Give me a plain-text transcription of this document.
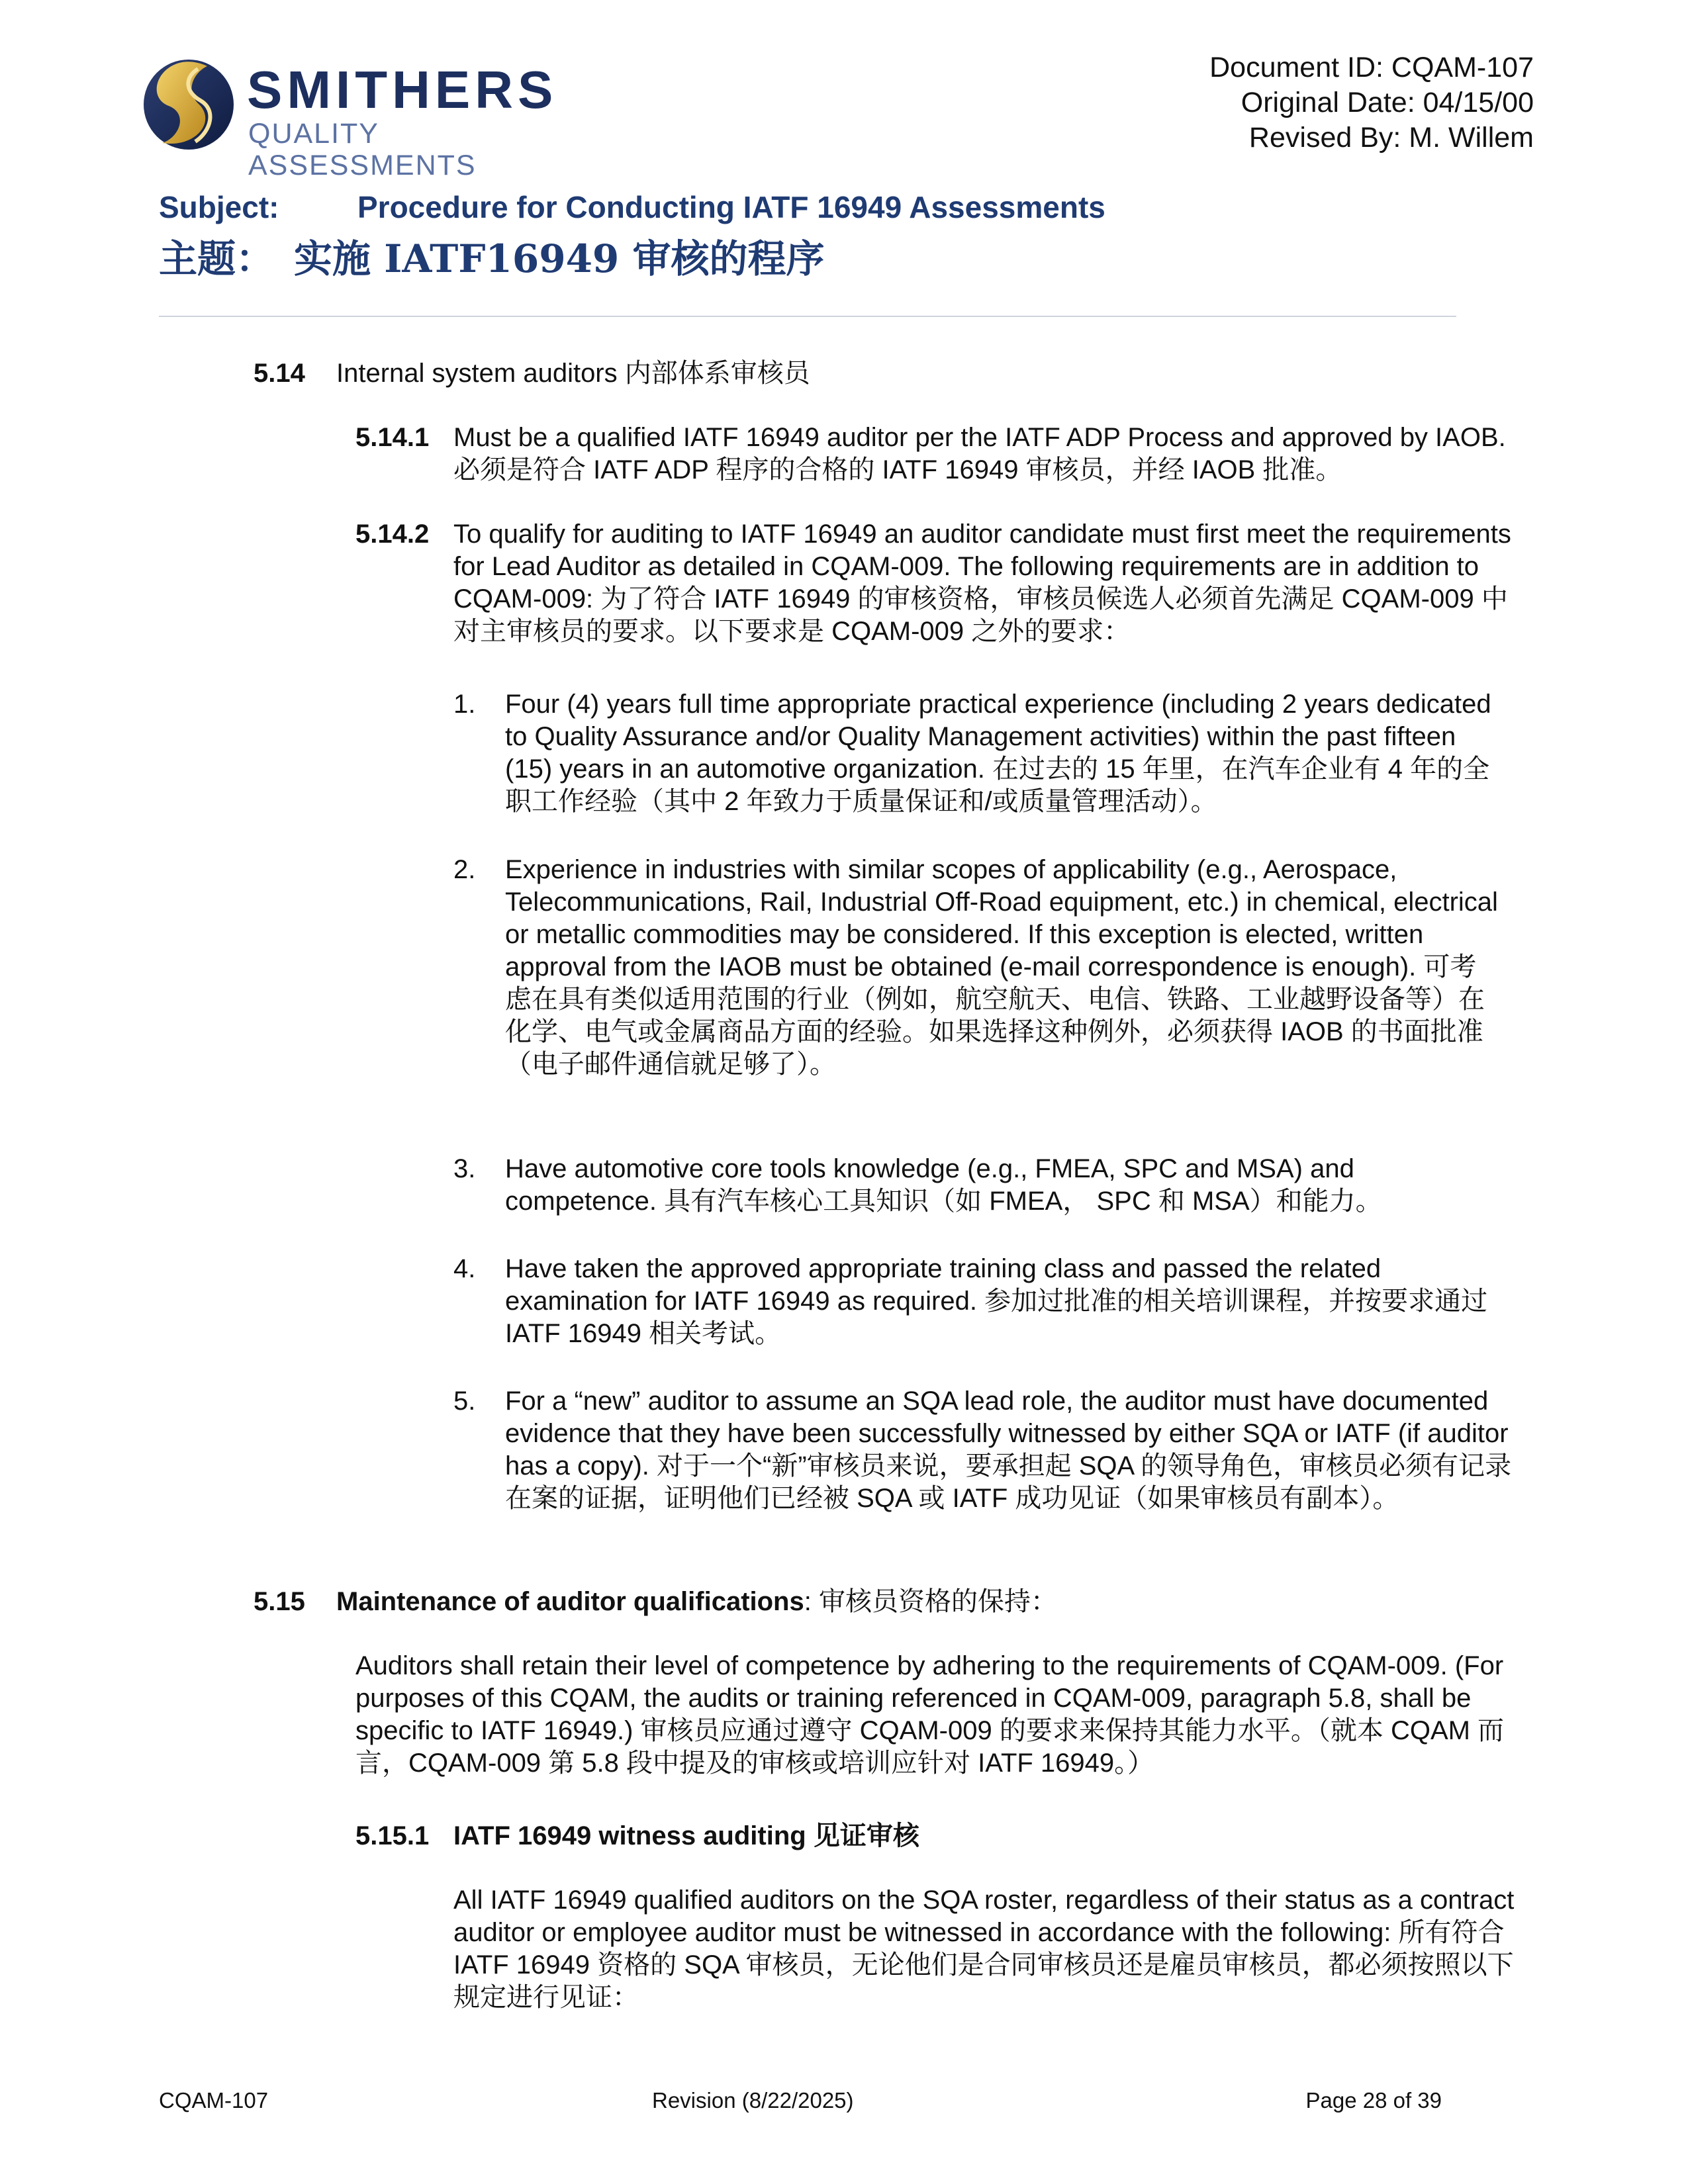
SMITHERS
QUALITY ASSESSMENTS
Document ID: CQAM-107
Original Date: 04/15/00
Revised By: M. Willem
Subject:	Procedure for Conducting IATF 16949 Assessments
主题： 实施 IATF16949 审核的程序
5.14 Internal system auditors 内部体系审核员
5.14.1 Must be a qualified IATF 16949 auditor per the IATF ADP Process and approved by IAOB. 必须是符合 IATF ADP 程序的合格的 IATF 16949 审核员，并经 IAOB 批准。

5.14.2 To qualify for auditing to IATF 16949 an auditor candidate must first meet the requirements for Lead Auditor as detailed in CQAM-009. The following requirements are in addition to CQAM-009: 为了符合 IATF 16949 的审核资格，审核员候选人必须首先满足 CQAM-009 中对主审核员的要求。以下要求是 CQAM-009 之外的要求：

1. Four (4) years full time appropriate practical experience (including 2 years dedicated to Quality Assurance and/or Quality Management activities) within the past fifteen (15) years in an automotive organization. 在过去的 15 年里，在汽车企业有 4 年的全职工作经验（其中 2 年致力于质量保证和/或质量管理活动）。

2. Experience in industries with similar scopes of applicability (e.g., Aerospace, Telecommunications, Rail, Industrial Off-Road equipment, etc.) in chemical, electrical or metallic commodities may be considered. If this exception is elected, written approval from the IAOB must be obtained (e-mail correspondence is enough). 可考虑在具有类似适用范围的行业（例如，航空航天、电信、铁路、工业越野设备等）在化学、电气或金属商品方面的经验。如果选择这种例外，必须获得 IAOB 的书面批准（电子邮件通信就足够了）。

3. Have automotive core tools knowledge (e.g., FMEA, SPC and MSA) and competence. 具有汽车核心工具知识（如 FMEA， SPC 和 MSA）和能力。

4. Have taken the approved appropriate training class and passed the related examination for IATF 16949 as required. 参加过批准的相关培训课程，并按要求通过 IATF 16949 相关考试。

5. For a “new” auditor to assume an SQA lead role, the auditor must have documented evidence that they have been successfully witnessed by either SQA or IATF (if auditor has a copy). 对于一个“新”审核员来说，要承担起 SQA 的领导角色，审核员必须有记录在案的证据，证明他们已经被 SQA 或 IATF 成功见证（如果审核员有副本）。

5.15 Maintenance of auditor qualifications: 审核员资格的保持：

Auditors shall retain their level of competence by adhering to the requirements of CQAM-009. (For purposes of this CQAM, the audits or training referenced in CQAM-009, paragraph 5.8, shall be specific to IATF 16949.) 审核员应通过遵守 CQAM-009 的要求来保持其能力水平。（就本 CQAM 而言，CQAM-009 第 5.8 段中提及的审核或培训应针对 IATF 16949。）

5.15.1 IATF 16949 witness auditing 见证审核

All IATF 16949 qualified auditors on the SQA roster, regardless of their status as a contract auditor or employee auditor must be witnessed in accordance with the following: 所有符合 IATF 16949 资格的 SQA 审核员，无论他们是合同审核员还是雇员审核员，都必须按照以下规定进行见证：

CQAM-107	Revision (8/22/2025)	Page 28 of 39
